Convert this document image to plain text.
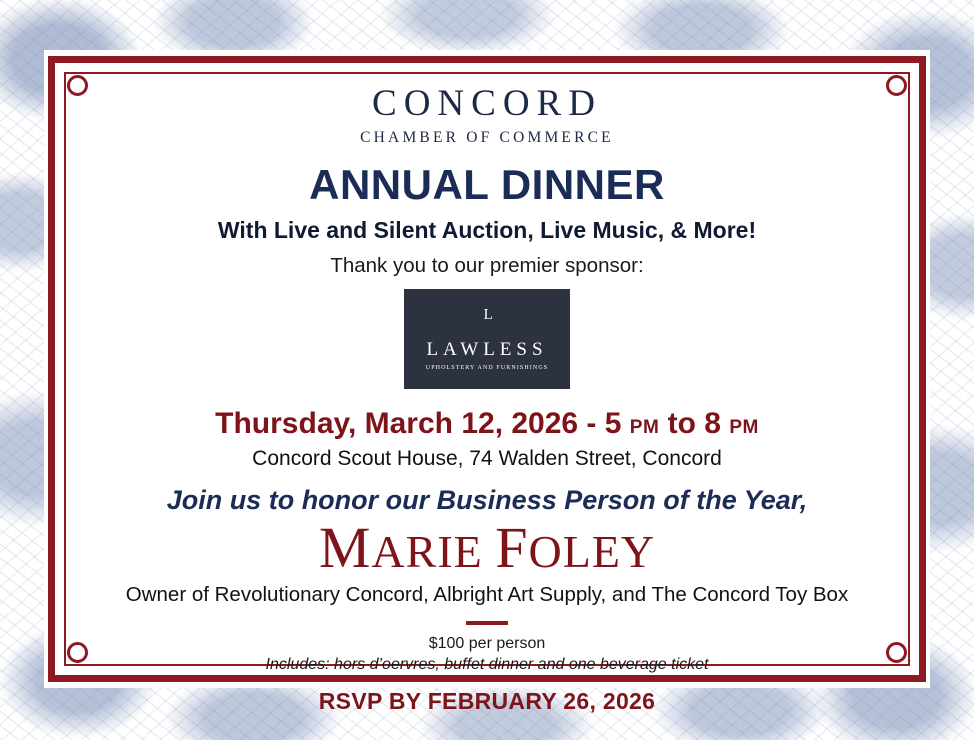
CONCORD
CHAMBER OF COMMERCE
ANNUAL DINNER
With Live and Silent Auction, Live Music, & More!
Thank you to our premier sponsor:
ᴸ
LAWLESS
UPHOLSTERY AND FURNISHINGS
Thursday, March 12, 2026 - 5 PM to 8 PM
Concord Scout House, 74 Walden Street, Concord
Join us to honor our Business Person of the Year,
MARIE FOLEY
Owner of Revolutionary Concord, Albright Art Supply, and The Concord Toy Box
$100 per person
Includes: hors d’oervres, buffet dinner and one beverage ticket
RSVP BY FEBRUARY 26, 2026
